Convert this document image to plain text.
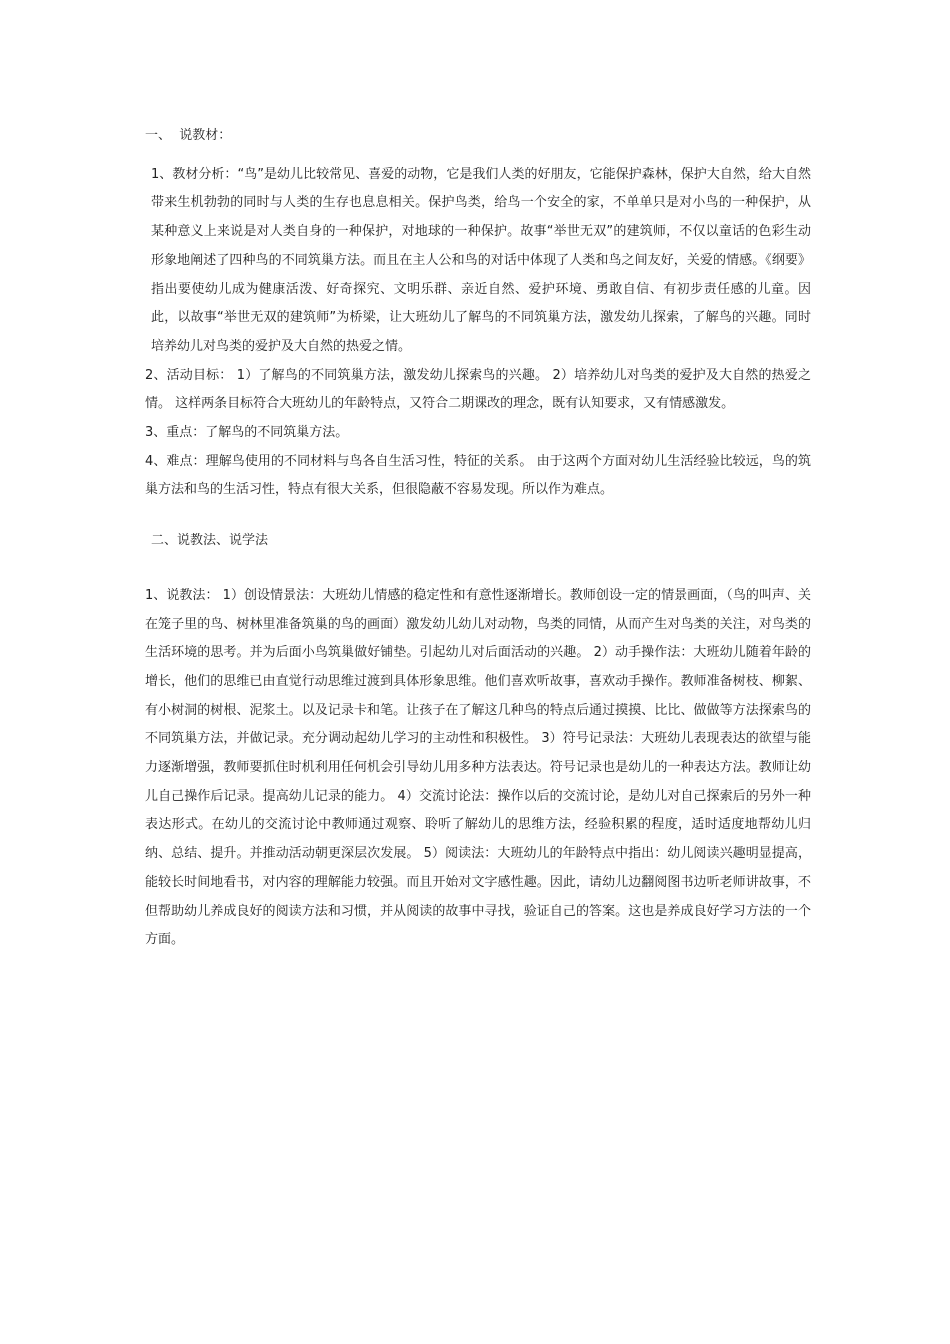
一、  说教材：

1、教材分析：“鸟”是幼儿比较常见、喜爱的动物，它是我们人类的好朋友，它能保护森林，保护大自然，给大自然带来生机勃勃的同时与人类的生存也息息相关。保护鸟类，给鸟一个安全的家，不单单只是对小鸟的一种保护，从某种意义上来说是对人类自身的一种保护，对地球的一种保护。故事“举世无双”的建筑师，不仅以童话的色彩生动形象地阐述了四种鸟的不同筑巢方法。而且在主人公和鸟的对话中体现了人类和鸟之间友好，关爱的情感。《纲要》指出要使幼儿成为健康活泼、好奇探究、文明乐群、亲近自然、爱护环境、勇敢自信、有初步责任感的儿童。因此，以故事“举世无双的建筑师”为桥梁，让大班幼儿了解鸟的不同筑巢方法，激发幼儿探索，了解鸟的兴趣。同时培养幼儿对鸟类的爱护及大自然的热爱之情。

2、活动目标： 1）了解鸟的不同筑巢方法，激发幼儿探索鸟的兴趣。 2）培养幼儿对鸟类的爱护及大自然的热爱之情。 这样两条目标符合大班幼儿的年龄特点，又符合二期课改的理念，既有认知要求，又有情感激发。

3、重点：了解鸟的不同筑巢方法。

4、难点：理解鸟使用的不同材料与鸟各自生活习性，特征的关系。 由于这两个方面对幼儿生活经验比较远，鸟的筑巢方法和鸟的生活习性，特点有很大关系，但很隐蔽不容易发现。所以作为难点。

二、说教法、说学法

1、说教法： 1）创设情景法：大班幼儿情感的稳定性和有意性逐渐增长。教师创设一定的情景画面，（鸟的叫声、关在笼子里的鸟、树林里准备筑巢的鸟的画面）激发幼儿幼儿对动物，鸟类的同情，从而产生对鸟类的关注，对鸟类的生活环境的思考。并为后面小鸟筑巢做好铺垫。引起幼儿对后面活动的兴趣。 2）动手操作法：大班幼儿随着年龄的增长，他们的思维已由直觉行动思维过渡到具体形象思维。他们喜欢听故事，喜欢动手操作。教师准备树枝、柳絮、有小树洞的树根、泥浆土。以及记录卡和笔。让孩子在了解这几种鸟的特点后通过摸摸、比比、做做等方法探索鸟的不同筑巢方法，并做记录。充分调动起幼儿学习的主动性和积极性。 3）符号记录法：大班幼儿表现表达的欲望与能力逐渐增强，教师要抓住时机利用任何机会引导幼儿用多种方法表达。符号记录也是幼儿的一种表达方法。教师让幼儿自己操作后记录。提高幼儿记录的能力。 4）交流讨论法：操作以后的交流讨论，是幼儿对自己探索后的另外一种表达形式。在幼儿的交流讨论中教师通过观察、聆听了解幼儿的思维方法，经验积累的程度，适时适度地帮幼儿归纳、总结、提升。并推动活动朝更深层次发展。 5）阅读法：大班幼儿的年龄特点中指出：幼儿阅读兴趣明显提高，能较长时间地看书，对内容的理解能力较强。而且开始对文字感性趣。因此，请幼儿边翻阅图书边听老师讲故事，不但帮助幼儿养成良好的阅读方法和习惯，并从阅读的故事中寻找，验证自己的答案。这也是养成良好学习方法的一个方面。
